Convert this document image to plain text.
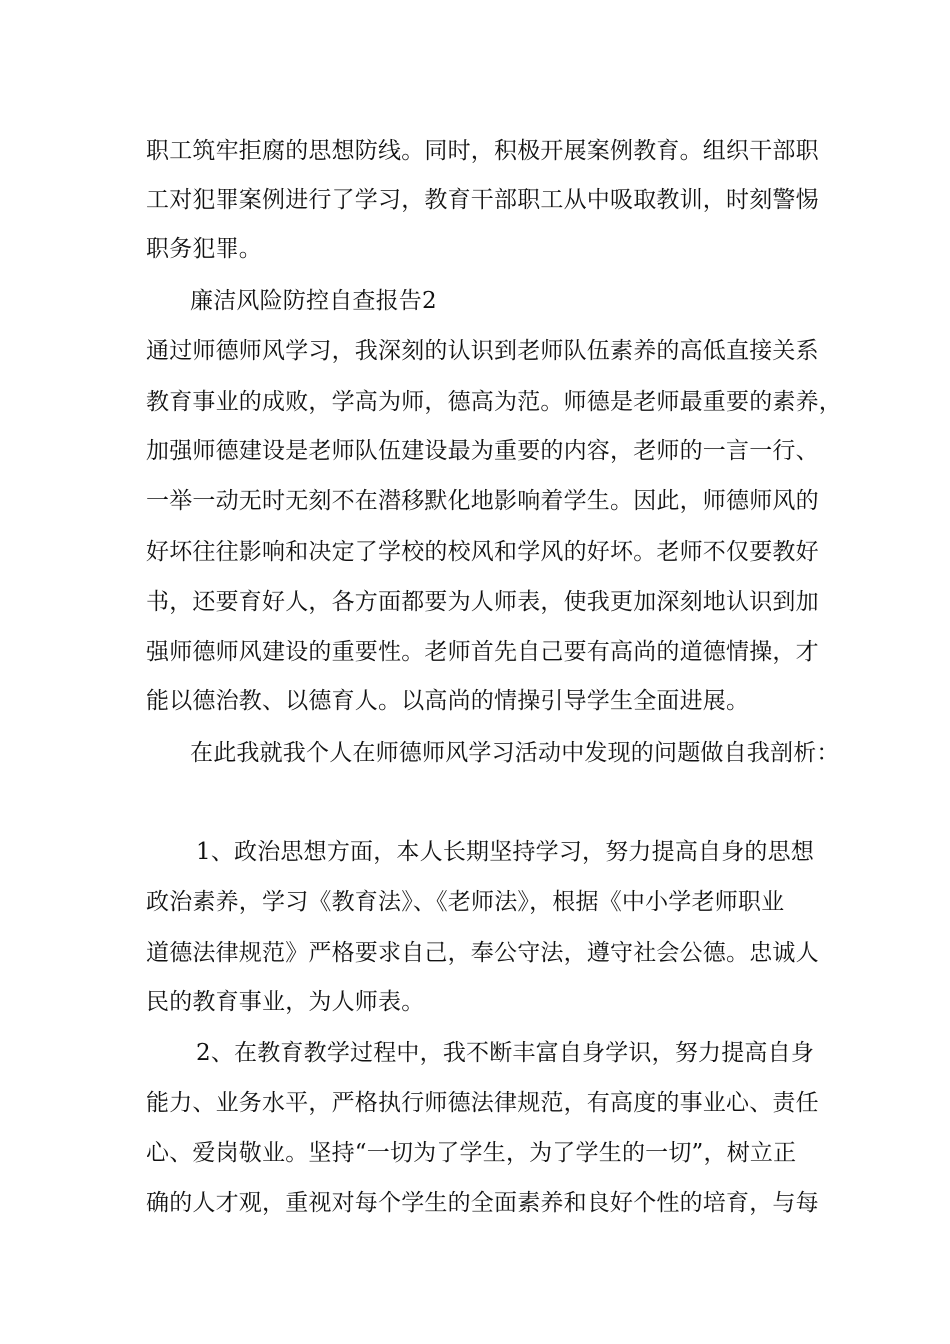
职工筑牢拒腐的思想防线。同时，积极开展案例教育。组织干部职
工对犯罪案例进行了学习，教育干部职工从中吸取教训，时刻警惕
职务犯罪。
廉洁风险防控自查报告2
通过师德师风学习，我深刻的认识到老师队伍素养的高低直接关系
教育事业的成败，学高为师，德高为范。师德是老师最重要的素养，
加强师德建设是老师队伍建设最为重要的内容，老师的一言一行、
一举一动无时无刻不在潜移默化地影响着学生。因此，师德师风的
好坏往往影响和决定了学校的校风和学风的好坏。老师不仅要教好
书，还要育好人，各方面都要为人师表，使我更加深刻地认识到加
强师德师风建设的重要性。老师首先自己要有高尚的道德情操，才
能以德治教、以德育人。以高尚的情操引导学生全面进展。
在此我就我个人在师德师风学习活动中发现的问题做自我剖析：
1、政治思想方面，本人长期坚持学习，努力提高自身的思想
政治素养，学习《教育法》、《老师法》，根据《中小学老师职业
道德法律规范》严格要求自己，奉公守法，遵守社会公德。忠诚人
民的教育事业，为人师表。
2、在教育教学过程中，我不断丰富自身学识，努力提高自身
能力、业务水平，严格执行师德法律规范，有高度的事业心、责任
心、爱岗敬业。坚持“一切为了学生，为了学生的一切”，树立正
确的人才观，重视对每个学生的全面素养和良好个性的培育，与每
